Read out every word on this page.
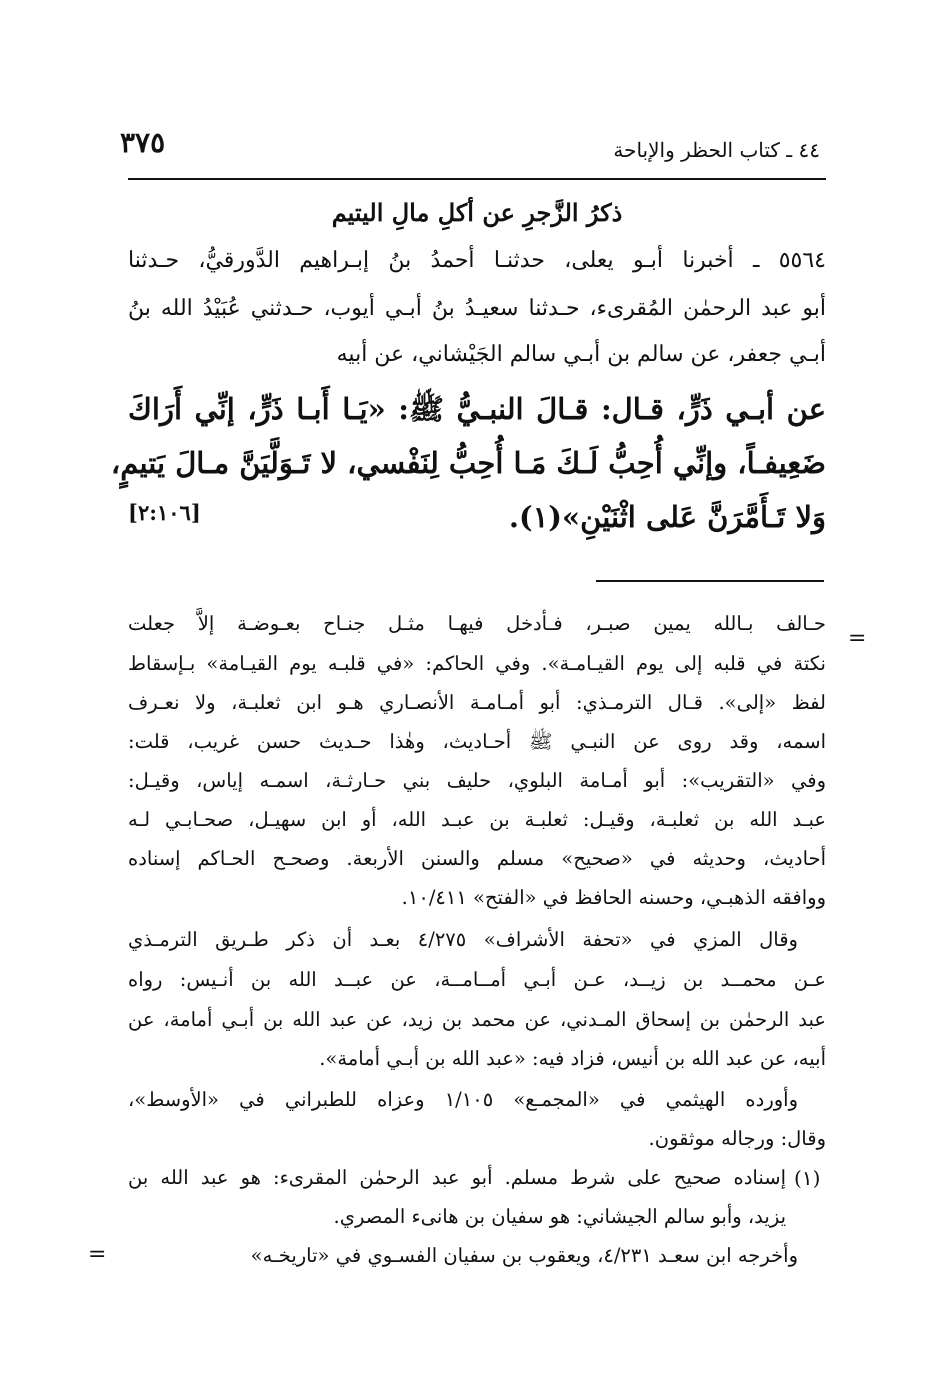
٣٧٥	٤٤ ـ كتاب الحظر والإباحة
ذكرُ الزَّجرِ عن أكلِ مالِ اليتيم
٥٥٦٤ ـ أخبرنا أبـو يعلى، حدثنـا أحمدُ بنُ إبـراهيم الدَّورقيُّ، حـدثنا
أبو عبد الرحمٰن المُقرىء، حـدثنا سعيـدُ بنُ أبـي أيوب، حـدثني عُبَيْدُ الله بنُ
أبـي جعفر، عن سالم بن أبـي سالم الجَيْشاني، عن أبيه
عن أبـي ذَرٍّ، قـال: قـالَ النبـيُّ ﷺ: «يَـا أَبـا ذَرٍّ، إنِّي أَرَاكَ
ضَعِيفـاً، وإنِّي أُحِبُّ لَـكَ مَـا أُحِبُّ لِنَفْسي، لا تَـوَلَّيَنَّ مـالَ يَتيمٍ،
وَلا تَـأَمَّرَنَّ عَلى اثْنَيْنِ»(١).
[٢:١٠٦]
=
حـالف بـالله يمين صبـر، فـأدخل فيهـا مثـل جنـاح بعـوضـة إلاَّ جعلت
نكتة في قلبه إلى يوم القيـامـة». وفي الحاكم: «في قلبـه يوم القيـامة» بـإسقاط
لفظ «إلى». قـال الترمـذي: أبو أمـامـة الأنصـاري هـو ابن ثعلبـة، ولا نعـرف
اسمه، وقد روى عن النبـي ﷺ أحـاديث، وهٰذا حـديث حسن غريب، قلت:
وفي «التقريب»: أبو أمـامة البلوي، حليف بني حـارثـة، اسمـه إياس، وقيـل:
عبـد الله بن ثعلبـة، وقيـل: ثعلبـة بن عبـد الله، أو ابن سهيـل، صحـابـي لـه
أحاديث، وحديثه في «صحيح» مسلم والسنن الأربعة. وصحـح الحـاكم إسناده
ووافقه الذهبـي، وحسنه الحافظ في «الفتح» ١٠/٤١١.
وقال المزي في «تحفة الأشراف» ٤/٢٧٥ بعـد أن ذكر طـريق الترمـذي
عـن محمــد بن زيــد، عـن أبـي أمــامــة، عن عبــد الله بن أنـيس: رواه
عبد الرحمٰن بن إسحاق المـدني، عن محمد بن زيد، عن عبد الله بن أبـي أمامة، عن
أبيه، عن عبد الله بن أنيس، فزاد فيه: «عبد الله بن أبـي أمامة».
وأورده الهيثمي في «المجمـع» ١/١٠٥ وعزاه للطبراني في «الأوسط»،
وقال: ورجاله موثقون.
(١)
إسناده صحيح على شرط مسلم. أبو عبد الرحمٰن المقرىء: هو عبد الله بن
يزيد، وأبو سالم الجيشاني: هو سفيان بن هانىء المصري.
وأخرجه ابن سعـد ٤/٢٣١، ويعقوب بن سفيان الفسـوي في «تاريخـه»
=
